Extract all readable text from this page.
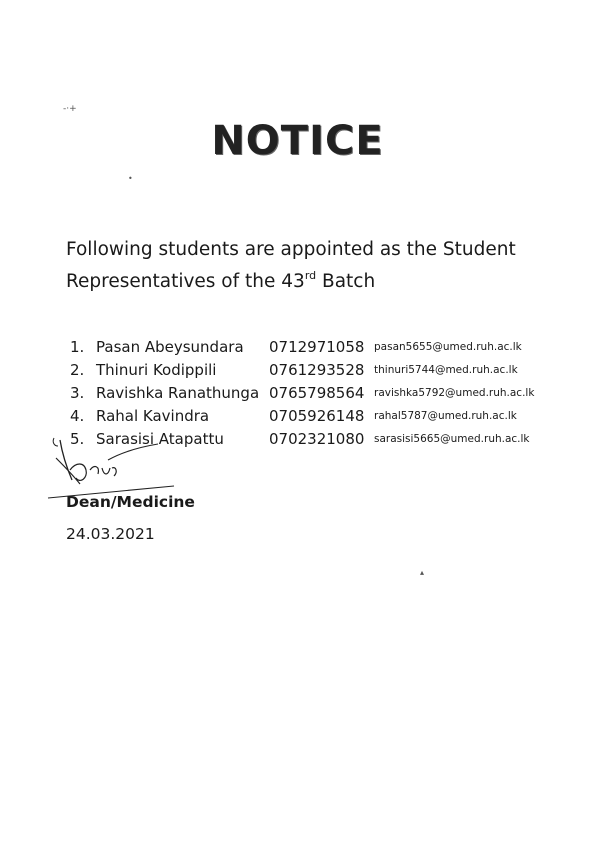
‐·+
•
▴
NOTICE
Following students are appointed as the Student Representatives of the 43rd Batch
1. Pasan Abeysundara 0712971058 pasan5655@umed.ruh.ac.lk
2. Thinuri Kodippili	0761293528 thinuri5744@med.ruh.ac.lk
3. Ravishka Ranathunga 0765798564 ravishka5792@umed.ruh.ac.lk
4. Rahal Kavindra	0705926148 rahal5787@umed.ruh.ac.lk
5. Sarasisi Atapattu	0702321080 sarasisi5665@umed.ruh.ac.lk
Dean/Medicine
24.03.2021
